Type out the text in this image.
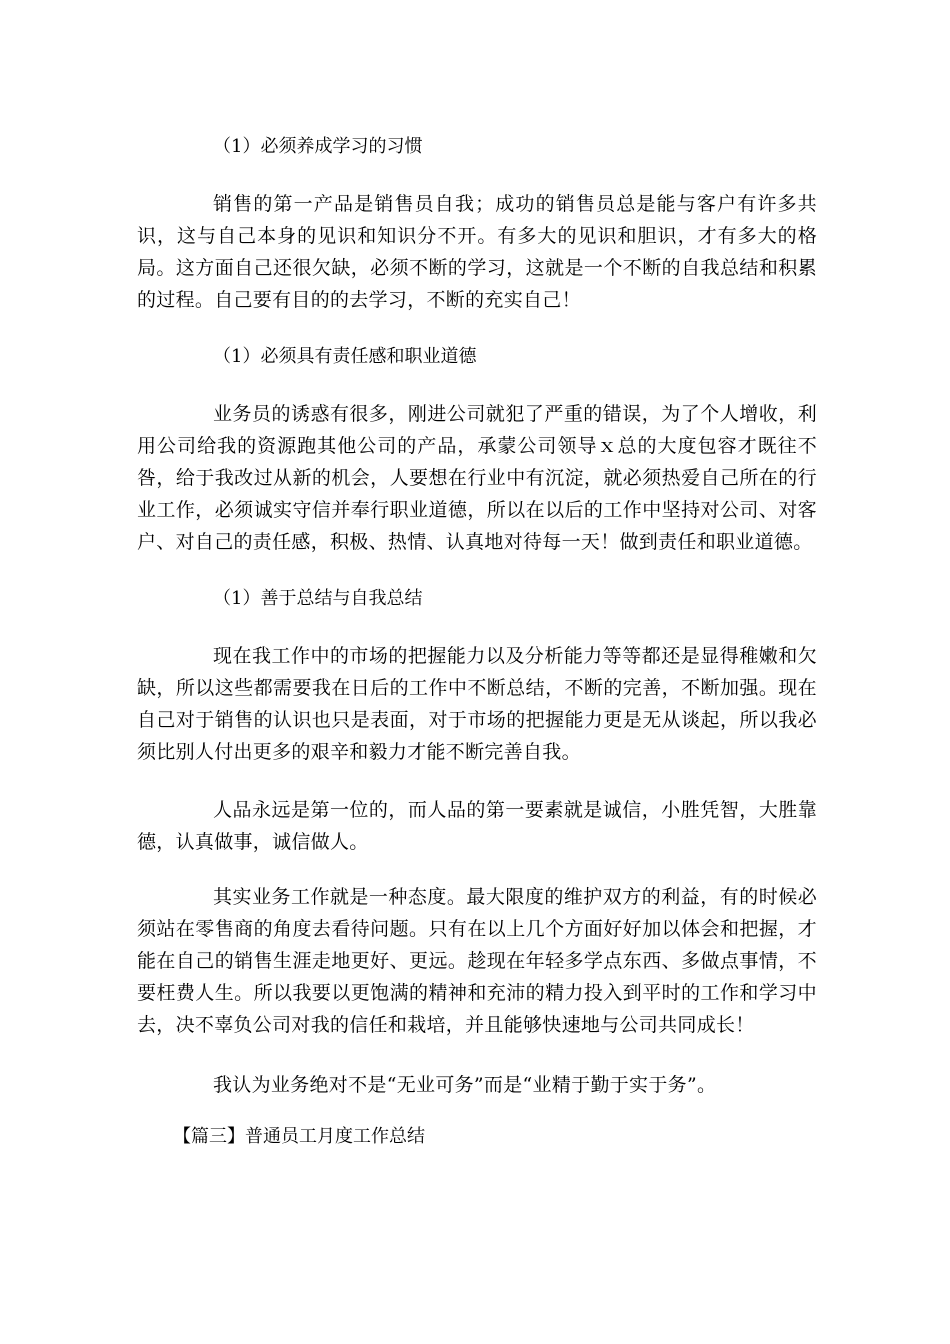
（1）必须养成学习的习惯
销售的第一产品是销售员自我；成功的销售员总是能与客户有许多共识，这与自己本身的见识和知识分不开。有多大的见识和胆识，才有多大的格局。这方面自己还很欠缺，必须不断的学习，这就是一个不断的自我总结和积累的过程。自己要有目的的去学习，不断的充实自己！
（1）必须具有责任感和职业道德
业务员的诱惑有很多，刚进公司就犯了严重的错误，为了个人增收，利用公司给我的资源跑其他公司的产品，承蒙公司领导ｘ总的大度包容才既往不咎，给于我改过从新的机会，人要想在行业中有沉淀，就必须热爱自己所在的行业工作，必须诚实守信并奉行职业道德，所以在以后的工作中坚持对公司、对客户、对自己的责任感，积极、热情、认真地对待每一天！做到责任和职业道德。
（1）善于总结与自我总结
现在我工作中的市场的把握能力以及分析能力等等都还是显得稚嫩和欠缺，所以这些都需要我在日后的工作中不断总结，不断的完善，不断加强。现在自己对于销售的认识也只是表面，对于市场的把握能力更是无从谈起，所以我必须比别人付出更多的艰辛和毅力才能不断完善自我。
人品永远是第一位的，而人品的第一要素就是诚信，小胜凭智，大胜靠德，认真做事，诚信做人。
其实业务工作就是一种态度。最大限度的维护双方的利益，有的时候必须站在零售商的角度去看待问题。只有在以上几个方面好好加以体会和把握，才能在自己的销售生涯走地更好、更远。趁现在年轻多学点东西、多做点事情，不要枉费人生。所以我要以更饱满的精神和充沛的精力投入到平时的工作和学习中去，决不辜负公司对我的信任和栽培，并且能够快速地与公司共同成长！
我认为业务绝对不是“无业可务”而是“业精于勤于实于务”。
【篇三】普通员工月度工作总结
